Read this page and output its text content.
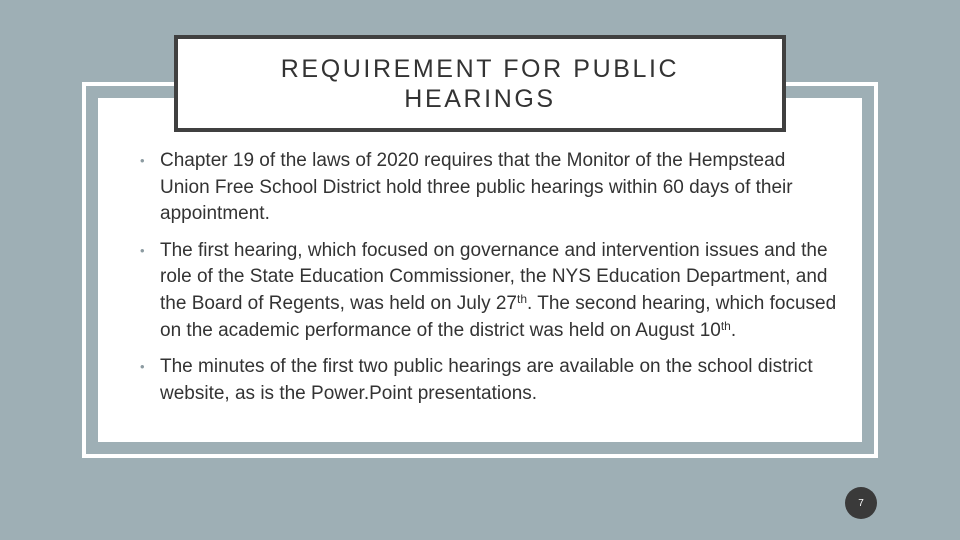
REQUIREMENT FOR PUBLIC HEARINGS
• Chapter 19 of the laws of 2020 requires that the Monitor of the Hempstead Union Free School District hold three public hearings within 60 days of their appointment.
• The first hearing, which focused on governance and intervention issues and the role of the State Education Commissioner, the NYS Education Department, and the Board of Regents, was held on July 27th. The second hearing, which focused on the academic performance of the district was held on August 10th.
• The minutes of the first two public hearings are available on the school district website, as is the Power.Point presentations.
7
